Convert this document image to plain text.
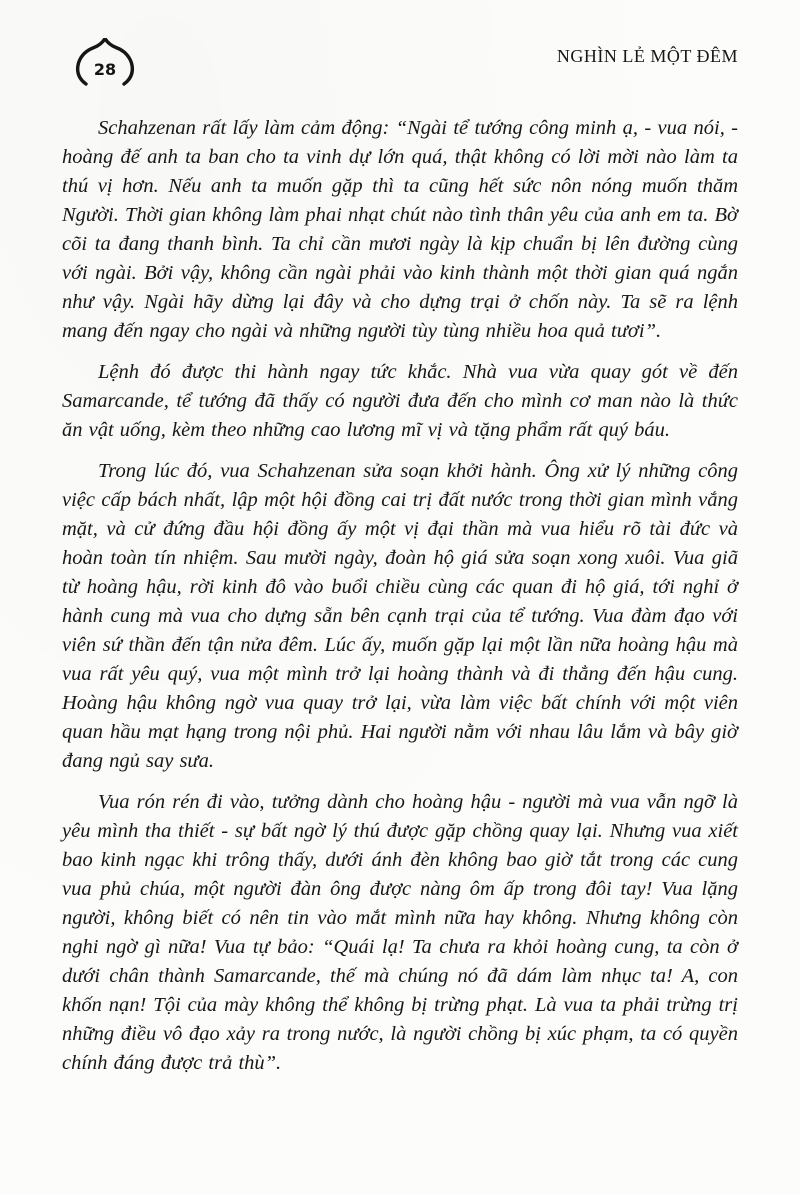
28
NGHÌN LẺ MỘT ĐÊM

Schahzenan rất lấy làm cảm động: “Ngài tể tướng công minh ạ, - vua nói, - hoàng đế anh ta ban cho ta vinh dự lớn quá, thật không có lời mời nào làm ta thú vị hơn. Nếu anh ta muốn gặp thì ta cũng hết sức nôn nóng muốn thăm Người. Thời gian không làm phai nhạt chút nào tình thân yêu của anh em ta. Bờ cõi ta đang thanh bình. Ta chỉ cần mươi ngày là kịp chuẩn bị lên đường cùng với ngài. Bởi vậy, không cần ngài phải vào kinh thành một thời gian quá ngắn như vậy. Ngài hãy dừng lại đây và cho dựng trại ở chốn này. Ta sẽ ra lệnh mang đến ngay cho ngài và những người tùy tùng nhiều hoa quả tươi”.

Lệnh đó được thi hành ngay tức khắc. Nhà vua vừa quay gót về đến Samarcande, tể tướng đã thấy có người đưa đến cho mình cơ man nào là thức ăn vật uống, kèm theo những cao lương mĩ vị và tặng phẩm rất quý báu.

Trong lúc đó, vua Schahzenan sửa soạn khởi hành. Ông xử lý những công việc cấp bách nhất, lập một hội đồng cai trị đất nước trong thời gian mình vắng mặt, và cử đứng đầu hội đồng ấy một vị đại thần mà vua hiểu rõ tài đức và hoàn toàn tín nhiệm. Sau mười ngày, đoàn hộ giá sửa soạn xong xuôi. Vua giã từ hoàng hậu, rời kinh đô vào buổi chiều cùng các quan đi hộ giá, tới nghỉ ở hành cung mà vua cho dựng sẵn bên cạnh trại của tể tướng. Vua đàm đạo với viên sứ thần đến tận nửa đêm. Lúc ấy, muốn gặp lại một lần nữa hoàng hậu mà vua rất yêu quý, vua một mình trở lại hoàng thành và đi thẳng đến hậu cung. Hoàng hậu không ngờ vua quay trở lại, vừa làm việc bất chính với một viên quan hầu mạt hạng trong nội phủ. Hai người nằm với nhau lâu lắm và bây giờ đang ngủ say sưa.

Vua rón rén đi vào, tưởng dành cho hoàng hậu - người mà vua vẫn ngỡ là yêu mình tha thiết - sự bất ngờ lý thú được gặp chồng quay lại. Nhưng vua xiết bao kinh ngạc khi trông thấy, dưới ánh đèn không bao giờ tắt trong các cung vua phủ chúa, một người đàn ông được nàng ôm ấp trong đôi tay! Vua lặng người, không biết có nên tin vào mắt mình nữa hay không. Nhưng không còn nghi ngờ gì nữa! Vua tự bảo: “Quái lạ! Ta chưa ra khỏi hoàng cung, ta còn ở dưới chân thành Samarcande, thế mà chúng nó đã dám làm nhục ta! A, con khốn nạn! Tội của mày không thể không bị trừng phạt. Là vua ta phải trừng trị những điều vô đạo xảy ra trong nước, là người chồng bị xúc phạm, ta có quyền chính đáng được trả thù”.
